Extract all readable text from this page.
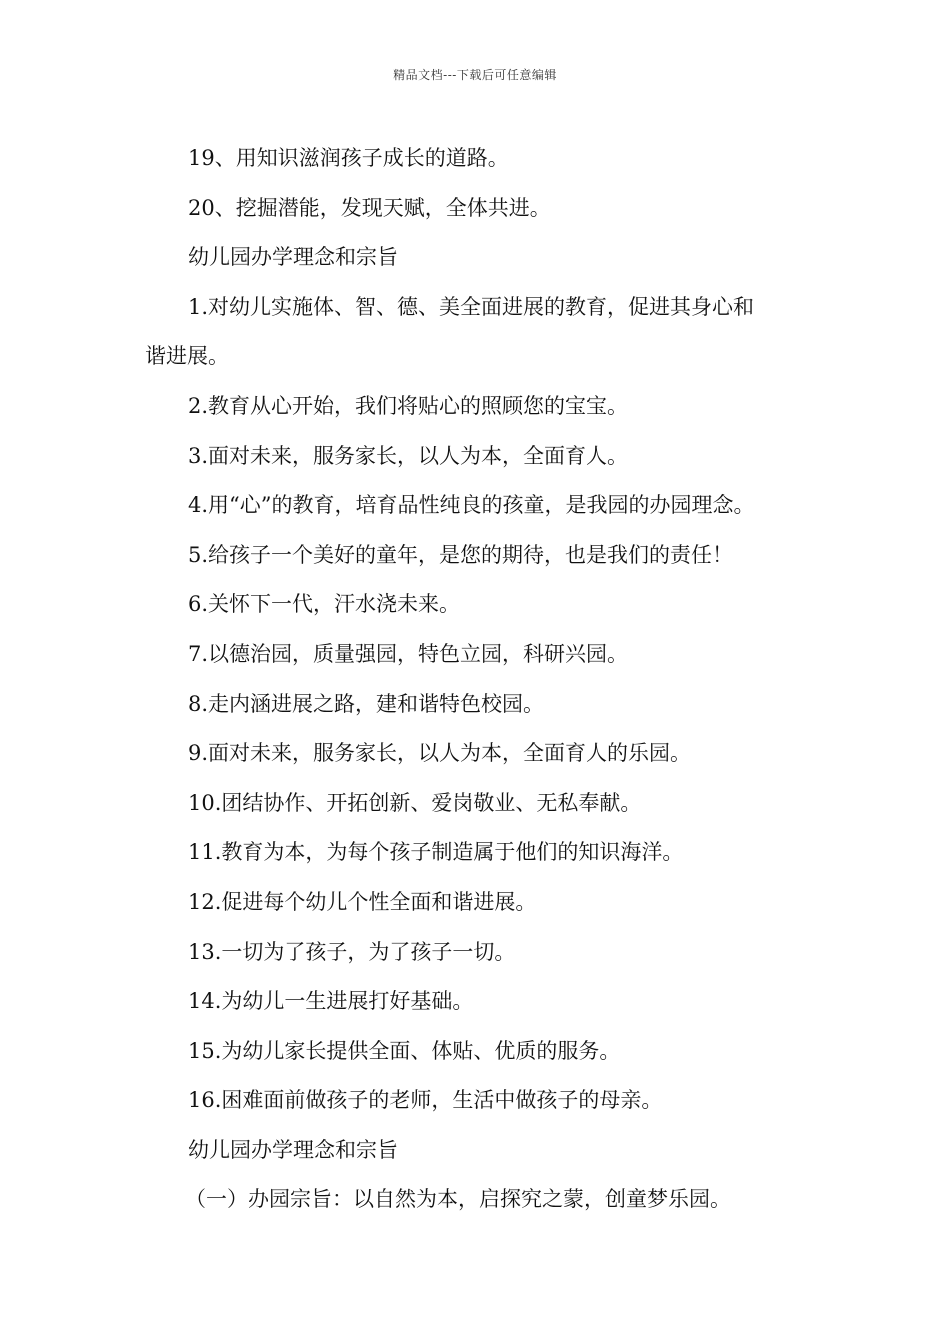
精品文档---下载后可任意编辑
19、用知识滋润孩子成长的道路。
20、挖掘潜能，发现天赋，全体共进。
幼儿园办学理念和宗旨
1.对幼儿实施体、智、德、美全面进展的教育，促进其身心和
谐进展。
2.教育从心开始，我们将贴心的照顾您的宝宝。
3.面对未来，服务家长，以人为本，全面育人。
4.用“心”的教育，培育品性纯良的孩童，是我园的办园理念。
5.给孩子一个美好的童年，是您的期待，也是我们的责任！
6.关怀下一代，汗水浇未来。
7.以德治园，质量强园，特色立园，科研兴园。
8.走内涵进展之路，建和谐特色校园。
9.面对未来，服务家长，以人为本，全面育人的乐园。
10.团结协作、开拓创新、爱岗敬业、无私奉献。
11.教育为本，为每个孩子制造属于他们的知识海洋。
12.促进每个幼儿个性全面和谐进展。
13.一切为了孩子，为了孩子一切。
14.为幼儿一生进展打好基础。
15.为幼儿家长提供全面、体贴、优质的服务。
16.困难面前做孩子的老师，生活中做孩子的母亲。
幼儿园办学理念和宗旨
（一）办园宗旨：以自然为本，启探究之蒙，创童梦乐园。
